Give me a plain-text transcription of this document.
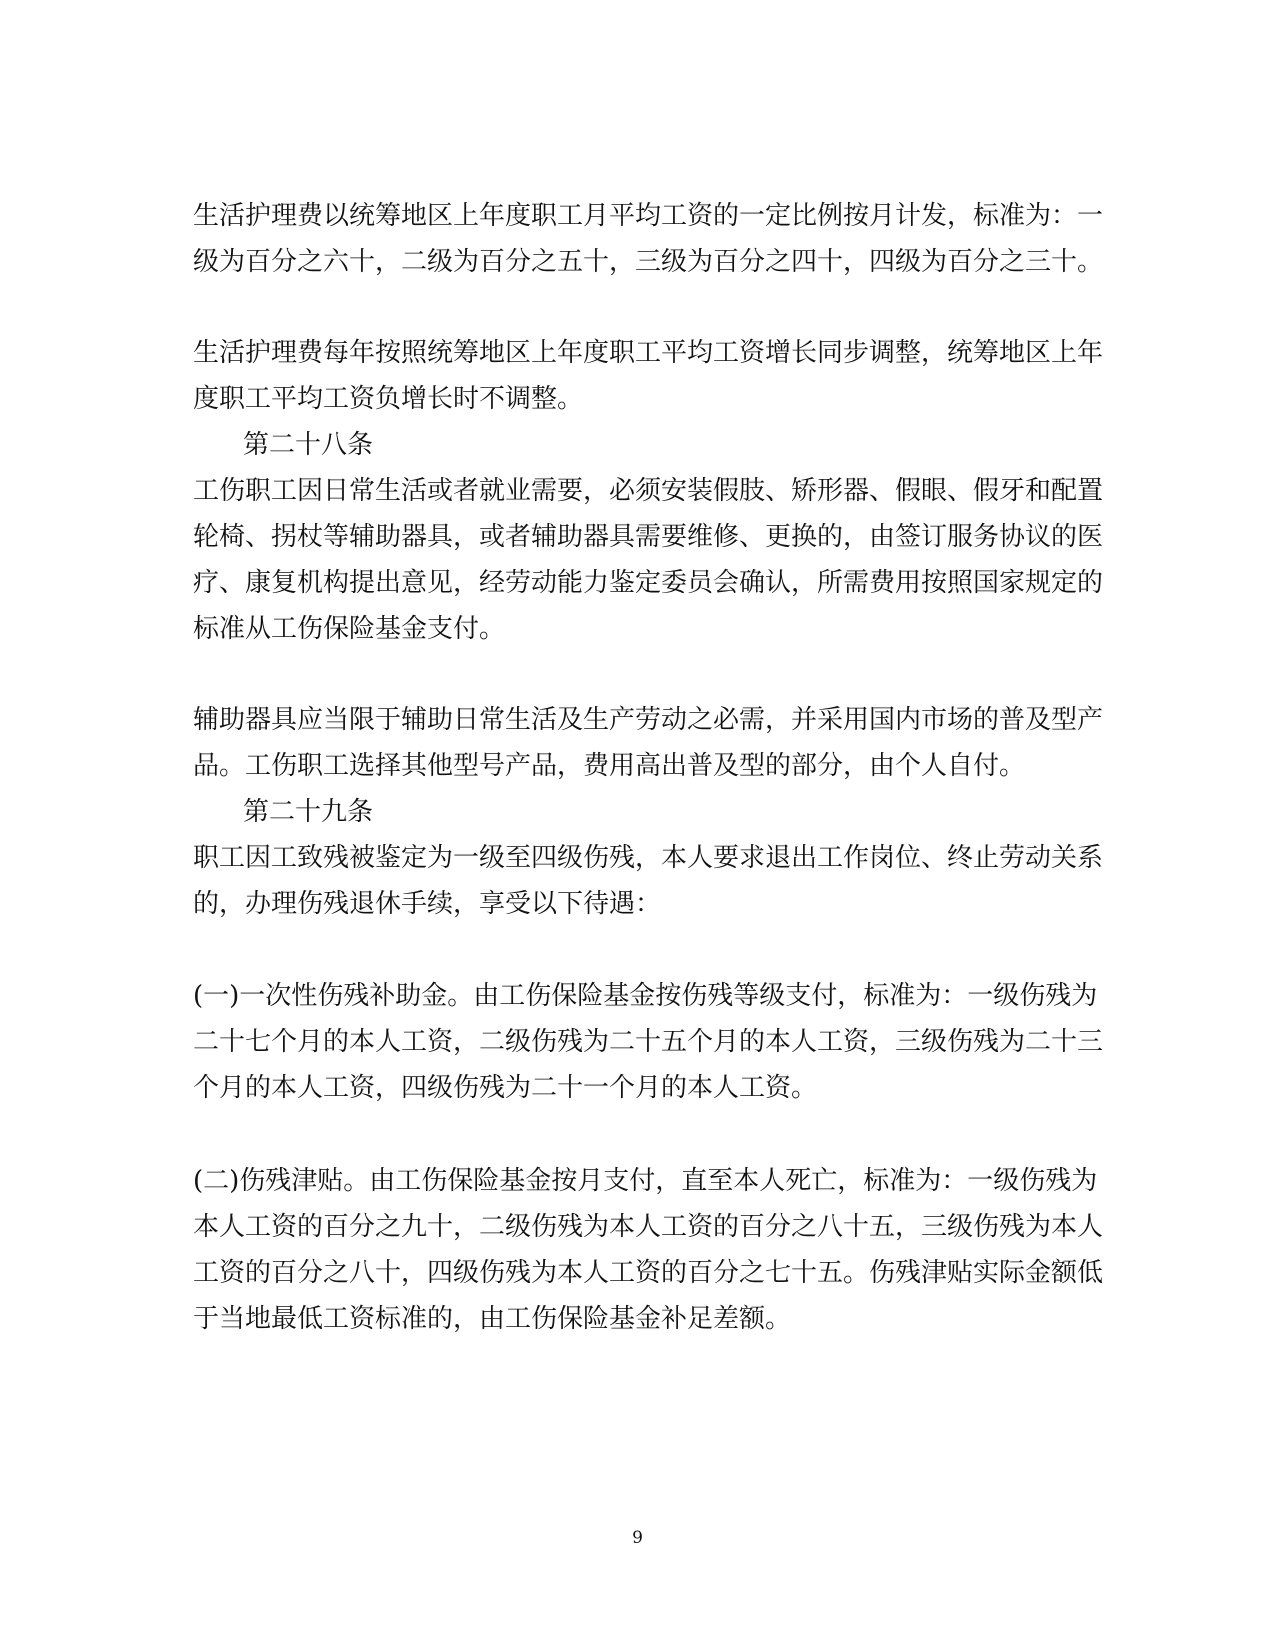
生活护理费以统筹地区上年度职工月平均工资的一定比例按月计发，标准为：一
级为百分之六十，二级为百分之五十，三级为百分之四十，四级为百分之三十。
生活护理费每年按照统筹地区上年度职工平均工资增长同步调整，统筹地区上年
度职工平均工资负增长时不调整。
第二十八条
工伤职工因日常生活或者就业需要，必须安装假肢、矫形器、假眼、假牙和配置
轮椅、拐杖等辅助器具，或者辅助器具需要维修、更换的，由签订服务协议的医
疗、康复机构提出意见，经劳动能力鉴定委员会确认，所需费用按照国家规定的
标准从工伤保险基金支付。
辅助器具应当限于辅助日常生活及生产劳动之必需，并采用国内市场的普及型产
品。工伤职工选择其他型号产品，费用高出普及型的部分，由个人自付。
第二十九条
职工因工致残被鉴定为一级至四级伤残，本人要求退出工作岗位、终止劳动关系
的，办理伤残退休手续，享受以下待遇：
(一)一次性伤残补助金。由工伤保险基金按伤残等级支付，标准为：一级伤残为
二十七个月的本人工资，二级伤残为二十五个月的本人工资，三级伤残为二十三
个月的本人工资，四级伤残为二十一个月的本人工资。
(二)伤残津贴。由工伤保险基金按月支付，直至本人死亡，标准为：一级伤残为
本人工资的百分之九十，二级伤残为本人工资的百分之八十五，三级伤残为本人
工资的百分之八十，四级伤残为本人工资的百分之七十五。伤残津贴实际金额低
于当地最低工资标准的，由工伤保险基金补足差额。
9
